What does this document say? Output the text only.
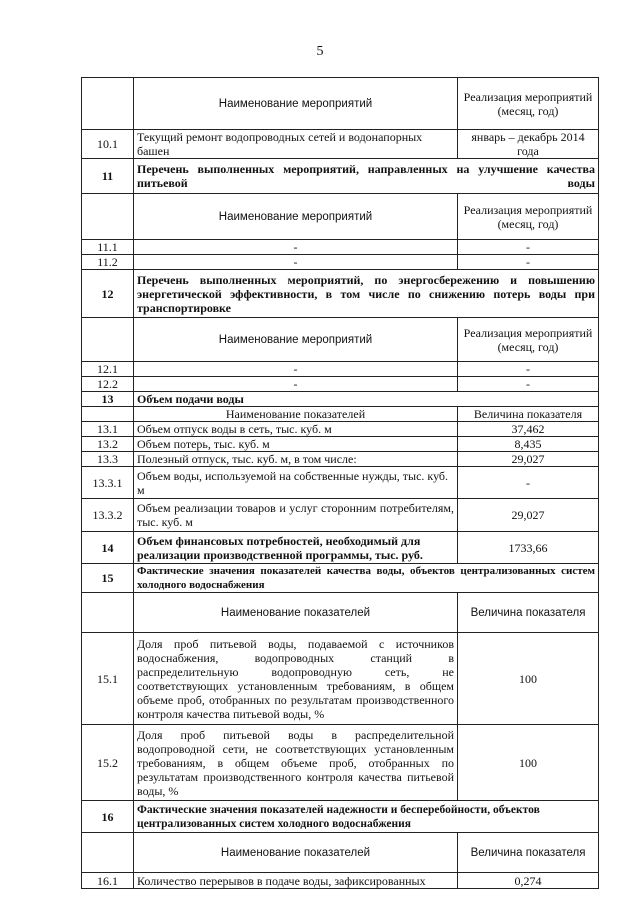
5
	Наименование мероприятий	Реализация мероприятий (месяц, год)
10.1	Текущий ремонт водопроводных сетей и водонапорных башен	январь – декабрь 2014 года
11	Перечень выполненных мероприятий, направленных на улучшение качества питьевой воды	
	Наименование мероприятий	Реализация мероприятий (месяц, год)
11.1	-	-
11.2	-	-
12	Перечень выполненных мероприятий, по энергосбережению и повышению энергетической эффективности, в том числе по снижению потерь воды при транспортировке	
	Наименование мероприятий	Реализация мероприятий (месяц, год)
12.1	-	-
12.2	-	-
13	Объем подачи воды	
	Наименование показателей	Величина показателя
13.1	Объем отпуск воды в сеть, тыс. куб. м	37,462
13.2	Объем потерь, тыс. куб. м	8,435
13.3	Полезный отпуск, тыс. куб. м, в том числе:	29,027
13.3.1	Объем воды, используемой на собственные нужды, тыс. куб. м	-
13.3.2	Объем реализации товаров и услуг сторонним потребителям, тыс. куб. м	29,027
14	Объем финансовых потребностей, необходимый для реализации производственной программы, тыс. руб.	1733,66
15	Фактические значения показателей качества воды, объектов централизованных систем холодного водоснабжения	
	Наименование показателей	Величина показателя
15.1	Доля проб питьевой воды, подаваемой с источников водоснабжения, водопроводных станций в распределительную водопроводную сеть, не соответствующих установленным требованиям, в общем объеме проб, отобранных по результатам производственного контроля качества питьевой воды, %	100
15.2	Доля проб питьевой воды в распределительной водопроводной сети, не соответствующих установленным требованиям, в общем объеме проб, отобранных по результатам производственного контроля качества питьевой воды, %	100
16	Фактические значения показателей надежности и бесперебойности, объектов централизованных систем холодного водоснабжения	
	Наименование показателей	Величина показателя
16.1	Количество перерывов в подаче воды, зафиксированных	0,274
